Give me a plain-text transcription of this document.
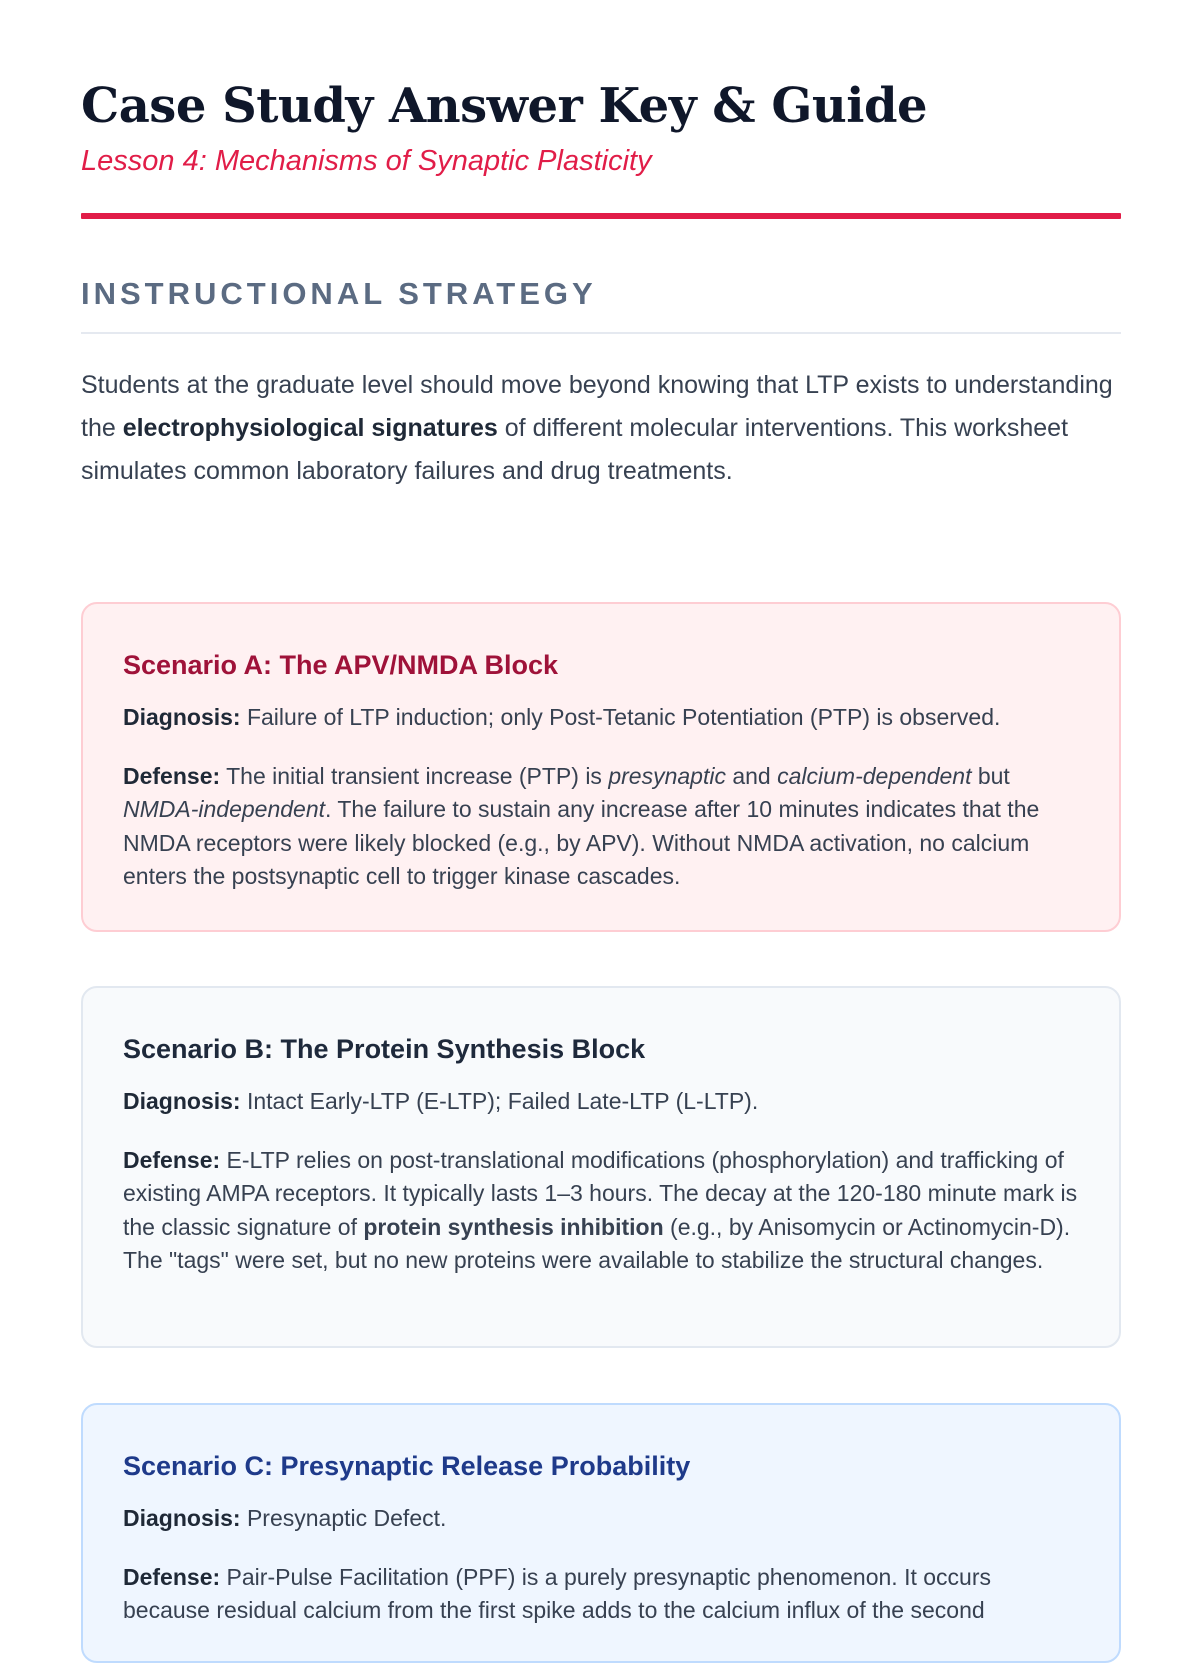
Case Study Answer Key & Guide
Lesson 4: Mechanisms of Synaptic Plasticity
INSTRUCTIONAL STRATEGY

Students at the graduate level should move beyond knowing that LTP exists to understanding the electrophysiological signatures of different molecular interventions. This worksheet simulates common laboratory failures and drug treatments.

Scenario A: The APV/NMDA Block

Diagnosis: Failure of LTP induction; only Post-Tetanic Potentiation (PTP) is observed.

Defense: The initial transient increase (PTP) is presynaptic and calcium-dependent but NMDA-independent. The failure to sustain any increase after 10 minutes indicates that the NMDA receptors were likely blocked (e.g., by APV). Without NMDA activation, no calcium enters the postsynaptic cell to trigger kinase cascades.

Scenario B: The Protein Synthesis Block

Diagnosis: Intact Early-LTP (E-LTP); Failed Late-LTP (L-LTP).

Defense: E-LTP relies on post-translational modifications (phosphorylation) and trafficking of existing AMPA receptors. It typically lasts 1–3 hours. The decay at the 120-180 minute mark is the classic signature of protein synthesis inhibition (e.g., by Anisomycin or Actinomycin-D). The "tags" were set, but no new proteins were available to stabilize the structural changes.

Scenario C: Presynaptic Release Probability

Diagnosis: Presynaptic Defect.

Defense: Pair-Pulse Facilitation (PPF) is a purely presynaptic phenomenon. It occurs because residual calcium from the first spike adds to the calcium influx of the second
